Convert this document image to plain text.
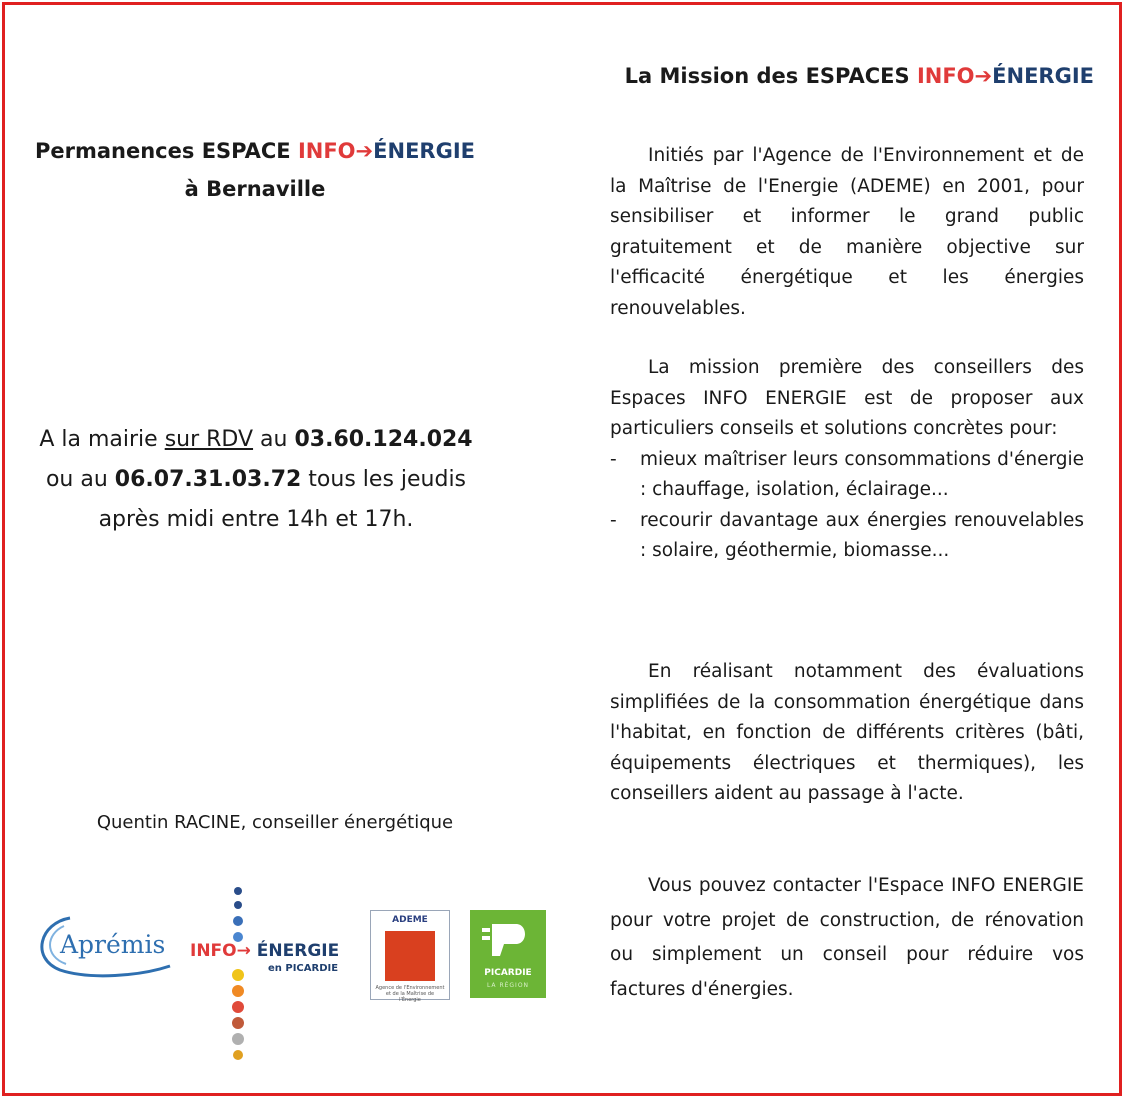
Permanences ESPACE INFO➔ÉNERGIE
à Bernaville
A la mairie sur RDV au 03.60.124.024
ou au 06.07.31.03.72 tous les jeudis
après midi entre 14h et 17h.
Quentin RACINE, conseiller énergétique
Aprémis INFO→ ÉNERGIE
en PICARDIE
ADEME
Agence de l'Environnement et de la Maîtrise de l'Énergie
PICARDIE
LA RÉGION
La Mission des ESPACES INFO➔ÉNERGIE

Initiés par l'Agence de l'Environnement et de la Maîtrise de l'Energie (ADEME) en 2001, pour sensibiliser et informer le grand public gratuitement et de manière objective sur l'efficacité énergétique et les énergies renouvelables.

La mission première des conseillers des Espaces INFO ENERGIE est de proposer aux particuliers conseils et solutions concrètes pour:

- mieux maîtriser leurs consommations d'énergie : chauffage, isolation, éclairage...
- recourir davantage aux énergies renouvelables : solaire, géothermie, biomasse...

En réalisant notamment des évaluations simplifiées de la consommation énergétique dans l'habitat, en fonction de différents critères (bâti, équipements électriques et thermiques), les conseillers aident au passage à l'acte.

Vous pouvez contacter l'Espace INFO ENERGIE pour votre projet de construction, de rénovation ou simplement un conseil pour réduire vos factures d'énergies.
